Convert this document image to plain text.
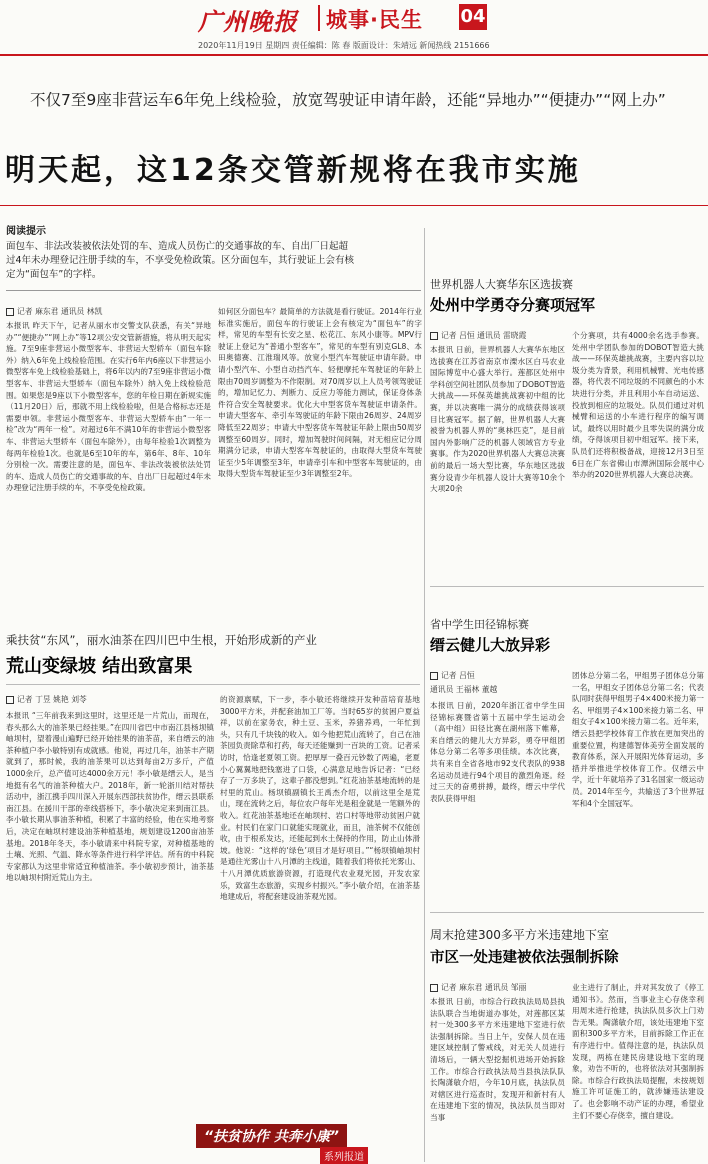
广州晚报 城事·民生 04
2020年11月19日 星期四 责任编辑：陈 春 版面设计：朱靖远 新闻热线 2151666
不仅7至9座非营运车6年免上线检验，放宽驾驶证申请年龄，还能“异地办”“便捷办”“网上办”
明天起，这12条交管新规将在我市实施
阅读提示
面包车、非法改装被依法处罚的车、造成人员伤亡的交通事故的车、自出厂日起超过4年未办理登记注册手续的车，不享受免检政策。区分面包车，其行驶证上会有核定为“面包车”的字样。
记者 麻东君 通讯员 林凯
本报讯 昨天下午，记者从丽水市交警支队获悉，有关“异地办”“便捷办”“网上办”等12项公安交管新措施，将从明天起实施。7至9座非营运小微型客车、非营运大型轿车（面包车除外）纳入6年免上线检验范围。在实行6年内6座以下非营运小微型客车免上线检验基础上，将6年以内的7至9座非营运小微型客车、非营运大型轿车（面包车除外）纳入免上线检验范围。如果您是9座以下小微型客车，您的年检日期在新规实施（11月20日）后，那就不用上线检验啦，但是合格标志还是需要申领。非营运小微型客车、非营运大型轿车由“一年一检”改为“两年一检”。对超过6年不满10年的非营运小微型客车、非营运大型轿车（面包车除外），由每年检验1次调整为每两年检验1次。也就是6至10年的车，第6年、8年、10年分别检一次。需要注意的是，面包车、非法改装被依法处罚的车、造成人员伤亡的交通事故的车、自出厂日起超过4年未办理登记注册手续的车，不享受免检政策。
如何区分面包车？最简单的方法就是看行驶证。2014年行业标准实施后，面包车的行驶证上会有核定为“面包车”的字样，常见的车型有长安之星、松花江、东风小康等。MPV行驶证上登记为“普通小型客车”，常见的车型有别克GL8、本田奥德赛、江淮瑞风等。放宽小型汽车驾驶证申请年龄。申请小型汽车、小型自动挡汽车、轻便摩托车驾驶证的年龄上限由70周岁调整为不作限制。对70周岁以上人员考领驾驶证的，增加记忆力、判断力、反应力等能力测试，保证身体条件符合安全驾驶要求。优化大中型客货车驾驶证申请条件。申请大型客车、牵引车驾驶证的年龄下限由26周岁、24周岁降低至22周岁；申请大中型客货车驾驶证年龄上限由50周岁调整至60周岁。同时，增加驾驶时间间隔，对无相应记分周期满分记录，申请大型客车驾驶证的，由取得大型货车驾驶证至少5年调整至3年，申请牵引车和中型客车驾驶证的，由取得大型货车驾驶证至少3年调整至2年。
世界机器人大赛华东区选拔赛
处州中学勇夺分赛项冠军
记者 吕恒 通讯员 雷晓霞
本报讯 日前，世界机器人大赛华东地区选拔赛在江苏省南京市溧水区白马农业国际博览中心盛大举行。莲都区处州中学科创空间社团队员参加了DOBOT智造大挑战——环保英雄挑战赛初中组的比赛，并以决赛唯一满分的成绩获得该项目比赛冠军。据了解，世界机器人大赛被誉为机器人界的“奥林匹克”，是目前国内外影响广泛的机器人领域官方专业赛事。作为2020世界机器人大赛总决赛前的最后一场大型比赛，华东地区选拔赛分设青少年机器人设计大赛等10余个大项20余
个分赛项，共有4000余名选手参赛。处州中学团队参加的DOBOT智造大挑战——环保英雄挑战赛，主要内容以垃圾分类为背景，利用机械臂、光电传感器，将代表不同垃圾的不同颜色的小木块进行分类，并且利用小车自动运送、投放到相应的垃圾处。队员们通过对机械臂和运送的小车进行程序的编写调试，最终以用时最少且零失误的满分成绩，夺得该项目初中组冠军。接下来，队员们还将积极备战，迎接12月3日至6日在广东省佛山市潭洲国际会展中心举办的2020世界机器人大赛总决赛。
乘扶贫“东风”，丽水油茶在四川巴中生根，开始形成新的产业
荒山变绿坡 结出致富果
记者 丁昱 姚艳 刘苓
本报讯 “三年前我来到这里时，这里还是一片荒山，而现在，春头那么大的油茶果已经挂果。”在四川省巴中市南江县杨坝镇岫坝村，望着漫山遍野已经开始挂果的油茶苗，来自缙云的油茶种植户李小敏特别有成就感。他说，再过几年，油茶丰产期就到了，那时候，我的油茶果可以达到每亩2万多斤，产值1000余斤，总产值可达4000余万元！李小敏是缙云人，是当地挺有名气的油茶种植大户。2018年，新一轮浙川结对帮扶活动中，浙江携手四川深入开展东西部扶贫协作，缙云县联系南江县。在援川干部的牵线搭桥下，李小敏决定来到南江县。李小敏长期从事油茶种植，积累了丰富的经验，他在实地考察后，决定在岫坝村建设油茶种植基地，规划建设1200亩油茶基地。2018年冬天，李小敏请来中科院专家，对种植基地的土壤、光照、气温、降水等条件进行科学评估。所有的中科院专家都认为这里非常适宜种植油茶。李小敏初步预计，油茶基地以岫坝村附近荒山为主。
的资源禀赋，下一步，李小敏还将继续开发种苗培育基地3000平方米，并配套油加工厂等。当时65岁的贫困户夏益祥，以前在家务农，种土豆、玉米，养猪养鸡，一年忙到头，只有几千块钱的收入。如今他把荒山流转了，自己在油茶园负责除草和打药，每天还能赚到一百块的工资。记者采访时，恰逢老夏领工资。把厚厚一叠百元钞数了两遍，老夏小心翼翼地把钱塞进了口袋，心满意足地告诉记者：“已经存了一万多块了，这辈子都没想到。”红花油茶基地流转的是村里的荒山。杨坝镇副镇长王禹杰介绍，以前这里全是荒山，现在流转之后，每位农户每年光是租金就是一笔额外的收入。红花油茶基地还在岫坝村、岩口村等地带动贫困户就业。村民们在家门口就能实现就业，而且，油茶树不仅能创收，由于根系发达，还能起到水土保持的作用，防止山体滑坡。他说：“这样的‘绿色’项目才是好项目。”“杨坝镇岫坝村是通往光雾山十八月潭的主线道，随着我们将依托光雾山、十八月潭优质旅游资源，打造现代农业观光园，开发农家乐，致富生态旅游，实现乡村振兴。”李小敏介绍，在油茶基地建成后，将配套建设油茶观光园。
省中学生田径锦标赛
缙云健儿大放异彩
记者 吕恒
通讯员 王福林 董越
本报讯 日前，2020年浙江省中学生田径锦标赛暨省第十五届中学生运动会（高中组）田径比赛在湖州落下帷幕，来自缙云的健儿大方异彩，勇夺甲组团体总分第二名等多项佳绩。本次比赛，共有来自全省各地市92支代表队的938名运动员进行94个项目的激烈角逐。经过三天的奋勇拼搏，最终，缙云中学代表队获得甲组
团体总分第二名，甲组男子团体总分第一名，甲组女子团体总分第二名；代表队同时获得甲组男子4×400米接力第一名、甲组男子4×100米接力第二名、甲组女子4×100米接力第二名。近年来，缙云县把学校体育工作放在更加突出的重要位置，构建德智体美劳全面发展的教育体系，深入开展阳光体育运动，多措并举推进学校体育工作。仅缙云中学，近十年就培养了31名国家一级运动员。2014年至今，共输送了3个世界冠军和4个全国冠军。
周末抢建300多平方米违建地下室
市区一处违建被依法强制拆除
记者 麻东君 通讯员 邹丽
本报讯 日前，市综合行政执法局局县执法队联合当地街道办事处，对莲都区某村一处300多平方米违建地下室进行依法强制拆除。当日上午，安保人员在违建区域控制了警戒线，对无关人员进行清场后，一辆大型挖掘机进场开始拆除工作。市综合行政执法局当县执法队队长陶潇敏介绍，今年10月底，执法队员对辖区进行巡查时，发现开和新村有人在违建地下室的情况，执法队员当即对当事
业主进行了制止，并对其发放了《停工通知书》。然而，当事业主心存侥幸利用周末进行抢建，执法队员多次上门劝告无果。陶潇敏介绍，该处违建地下室面积300多平方米，目前拆除工作正在有序进行中。值得注意的是，执法队员发现，两栋在建民房建设地下室的现象，劝告不听的，也将依法对其强制拆除。市综合行政执法局提醒，未按规划施工许可证施工的，就涉嫌违法建设了。也会影响不动产证的办理，希望业主们不要心存侥幸，擅自建设。
“扶贫协作 共奔小康”
系列报道
